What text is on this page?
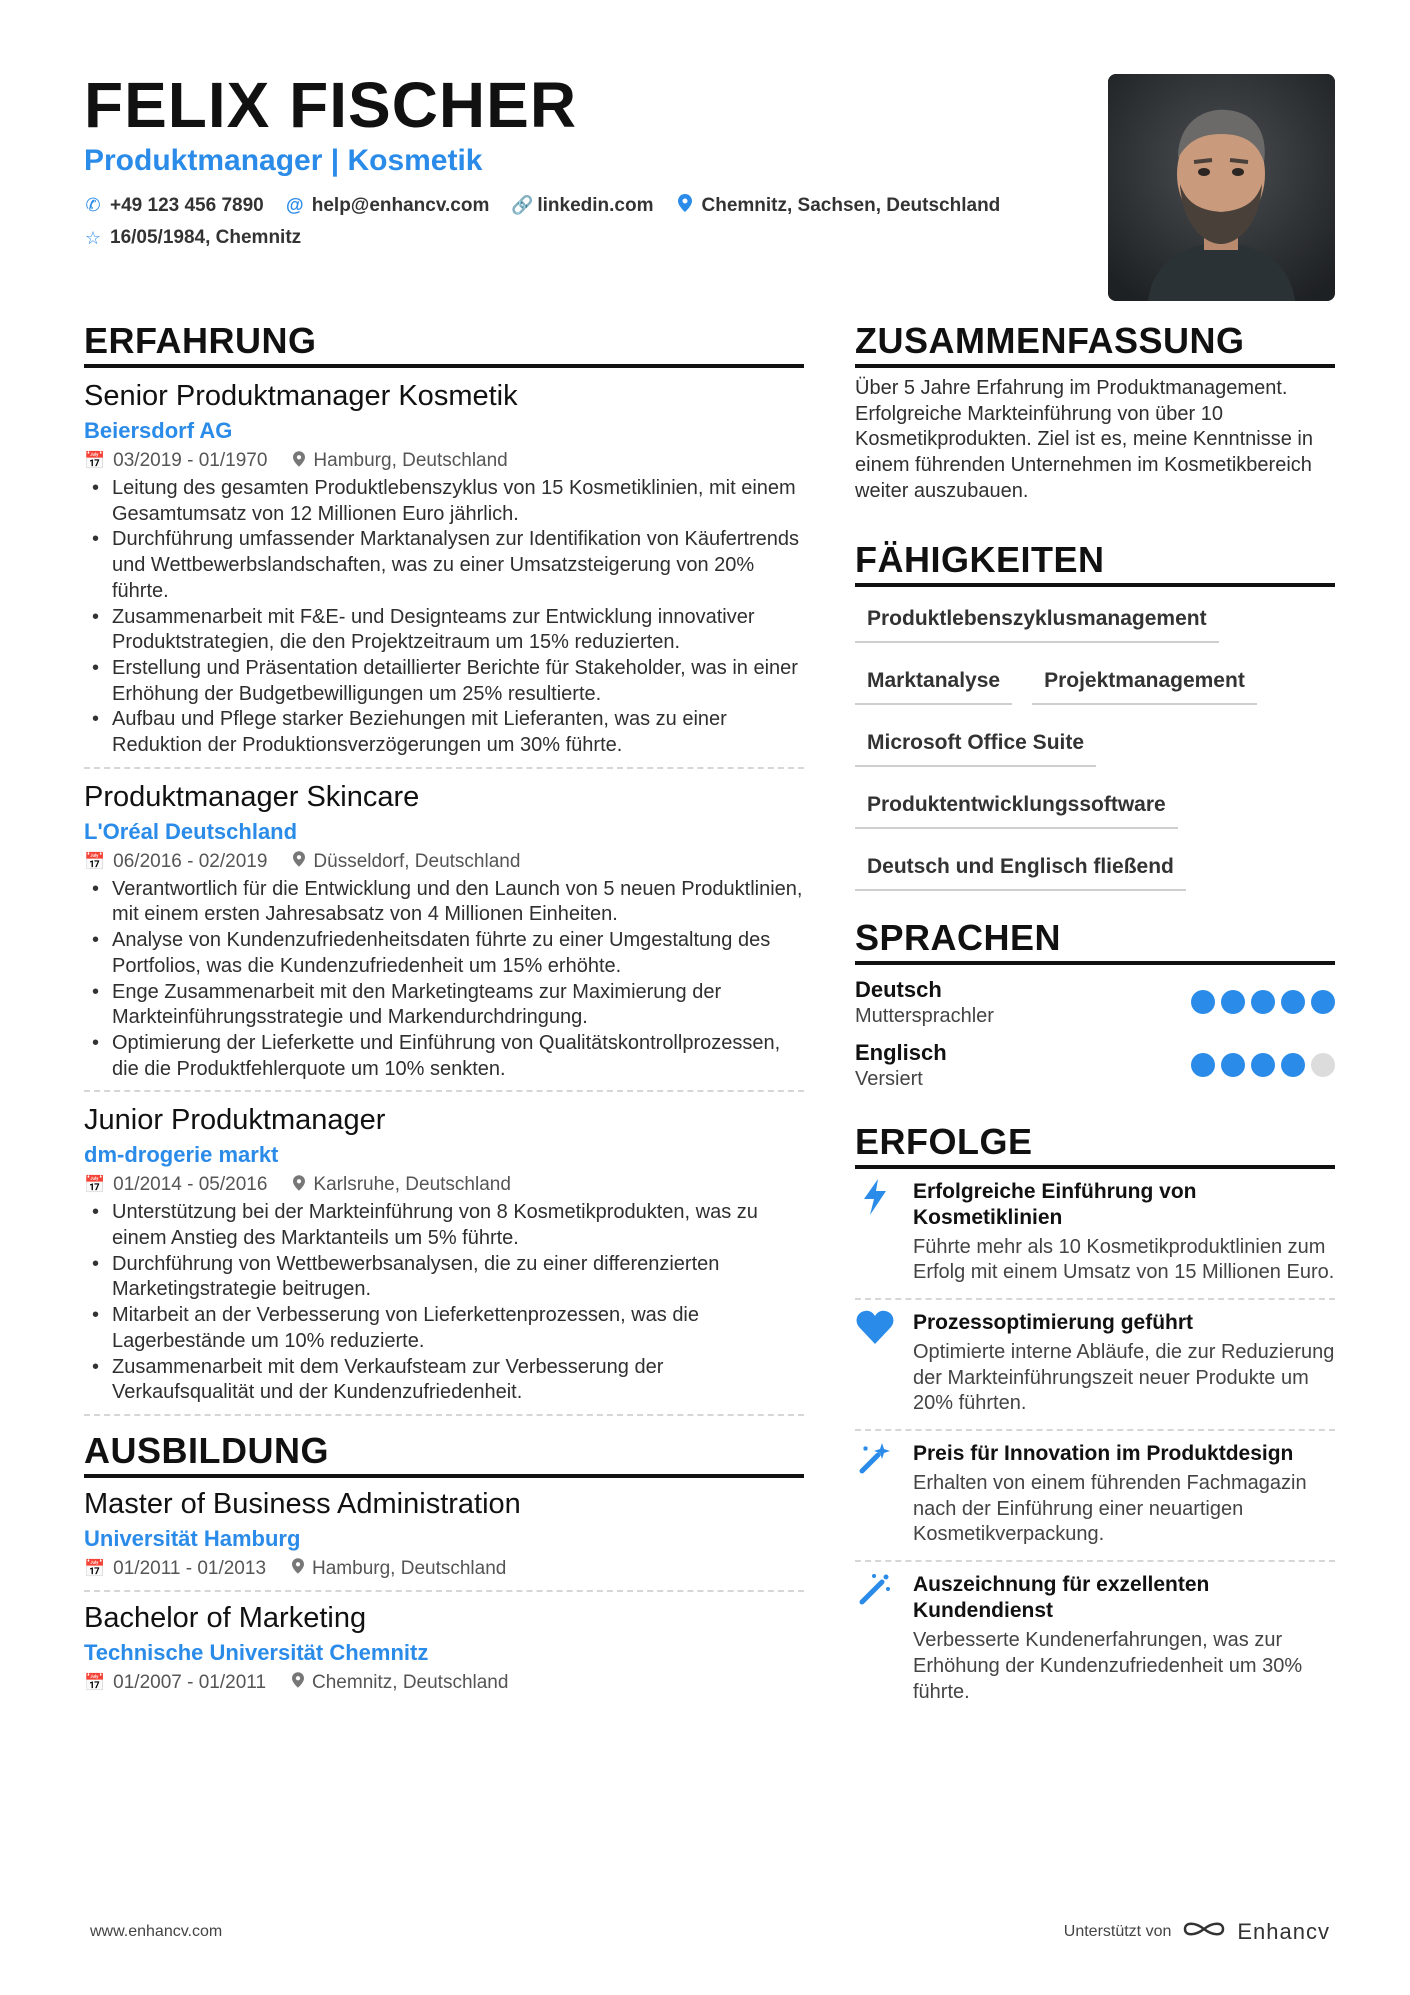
FELIX FISCHER
Produktmanager | Kosmetik
✆ +49 123 456 7890 @ help@enhancv.com 🔗 linkedin.com	Chemnitz, Sachsen, Deutschland
☆ 16/05/1984, Chemnitz
ERFAHRUNG
Senior Produktmanager Kosmetik
Beiersdorf AG
📅 03/2019 - 01/1970 Hamburg, Deutschland
• Leitung des gesamten Produktlebenszyklus von 15 Kosmetiklinien, mit einem Gesamtumsatz von 12 Millionen Euro jährlich.
• Durchführung umfassender Marktanalysen zur Identifikation von Käufertrends und Wettbewerbslandschaften, was zu einer Umsatzsteigerung von 20% führte.
• Zusammenarbeit mit F&E- und Designteams zur Entwicklung innovativer Produktstrategien, die den Projektzeitraum um 15% reduzierten.
• Erstellung und Präsentation detaillierter Berichte für Stakeholder, was in einer Erhöhung der Budgetbewilligungen um 25% resultierte.
• Aufbau und Pflege starker Beziehungen mit Lieferanten, was zu einer Reduktion der Produktionsverzögerungen um 30% führte.
Produktmanager Skincare
L'Oréal Deutschland
📅 06/2016 - 02/2019 Düsseldorf, Deutschland
• Verantwortlich für die Entwicklung und den Launch von 5 neuen Produktlinien, mit einem ersten Jahresabsatz von 4 Millionen Einheiten.
• Analyse von Kundenzufriedenheitsdaten führte zu einer Umgestaltung des Portfolios, was die Kundenzufriedenheit um 15% erhöhte.
• Enge Zusammenarbeit mit den Marketingteams zur Maximierung der Markteinführungsstrategie und Markendurchdringung.
• Optimierung der Lieferkette und Einführung von Qualitätskontrollprozessen, die die Produktfehlerquote um 10% senkten.
Junior Produktmanager
dm-drogerie markt
📅 01/2014 - 05/2016 Karlsruhe, Deutschland
• Unterstützung bei der Markteinführung von 8 Kosmetikprodukten, was zu einem Anstieg des Marktanteils um 5% führte.
• Durchführung von Wettbewerbsanalysen, die zu einer differenzierten Marketingstrategie beitrugen.
• Mitarbeit an der Verbesserung von Lieferkettenprozessen, was die Lagerbestände um 10% reduzierte.
• Zusammenarbeit mit dem Verkaufsteam zur Verbesserung der Verkaufsqualität und der Kundenzufriedenheit.
AUSBILDUNG
Master of Business Administration
Universität Hamburg
📅 01/2011 - 01/2013 Hamburg, Deutschland
Bachelor of Marketing
Technische Universität Chemnitz
📅 01/2007 - 01/2011 Chemnitz, Deutschland
ZUSAMMENFASSUNG
Über 5 Jahre Erfahrung im Produktmanagement. Erfolgreiche Markteinführung von über 10 Kosmetikprodukten. Ziel ist es, meine Kenntnisse in einem führenden Unternehmen im Kosmetikbereich weiter auszubauen.
FÄHIGKEITEN
Produktlebenszyklusmanagement
Marktanalyse	Projektmanagement
Microsoft Office Suite
Produktentwicklungssoftware
Deutsch und Englisch fließend
SPRACHEN
Deutsch
Muttersprachler
Englisch
Versiert
ERFOLGE
Erfolgreiche Einführung von Kosmetiklinien
Führte mehr als 10 Kosmetikproduktlinien zum Erfolg mit einem Umsatz von 15 Millionen Euro.
Prozessoptimierung geführt
Optimierte interne Abläufe, die zur Reduzierung der Markteinführungszeit neuer Produkte um 20% führten.
Preis für Innovation im Produktdesign
Erhalten von einem führenden Fachmagazin nach der Einführung einer neuartigen Kosmetikverpackung.
Auszeichnung für exzellenten Kundendienst
Verbesserte Kundenerfahrungen, was zur Erhöhung der Kundenzufriedenheit um 30% führte.
www.enhancv.com	Unterstützt von	Enhancv
